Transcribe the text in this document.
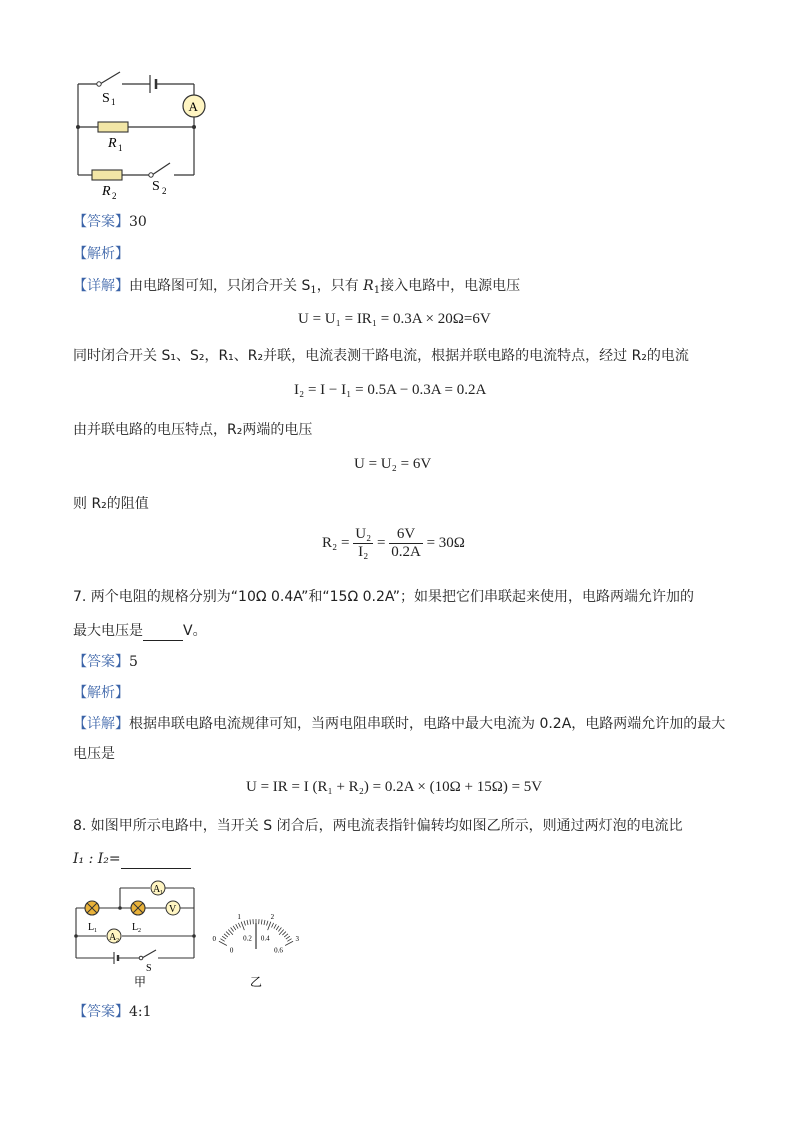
A
S 1
R 1
R 2
S 2
【答案】30
【解析】
【详解】由电路图可知，只闭合开关 $S_1$，只有 $R_1$接入电路中，电源电压
U = U₁ = IR₁ = 0.3A × 20Ω=6V
同时闭合开关 S₁、S₂，R₁、R₂并联，电流表测干路电流，根据并联电路的电流特点，经过 R₂的电流
I₂ = I − I₁ = 0.5A − 0.3A = 0.2A
由并联电路的电压特点，R₂两端的电压
U = U₂ = 6V
则 R₂的阻值
$R_2 = \frac{\text{U₂}}{\text{I₂}} = \frac{6V}{0.2A} = 30\Omega$
7. 两个电阻的规格分别为“10Ω 0.4A”和“15Ω 0.2A”；如果把它们串联起来使用，电路两端允许加的
最大电压是	V。
【答案】5
【解析】
【详解】根据串联电路电流规律可知，当两电阻串联时，电路中最大电流为 0.2A，电路两端允许加的最大
电压是
U = IR = I (R₁ + R₂) = 0.2A × (10Ω + 15Ω) = 5V
8. 如图甲所示电路中，当开关 S 闭合后，两电流表指针偏转均如图乙所示，则通过两灯泡的电流比
I₁ : I₂=
V
A 1
A 2
L 1	L 2
S
甲
0
1	2
3
0
0.2 0.4
0.6
乙
【答案】4:1
